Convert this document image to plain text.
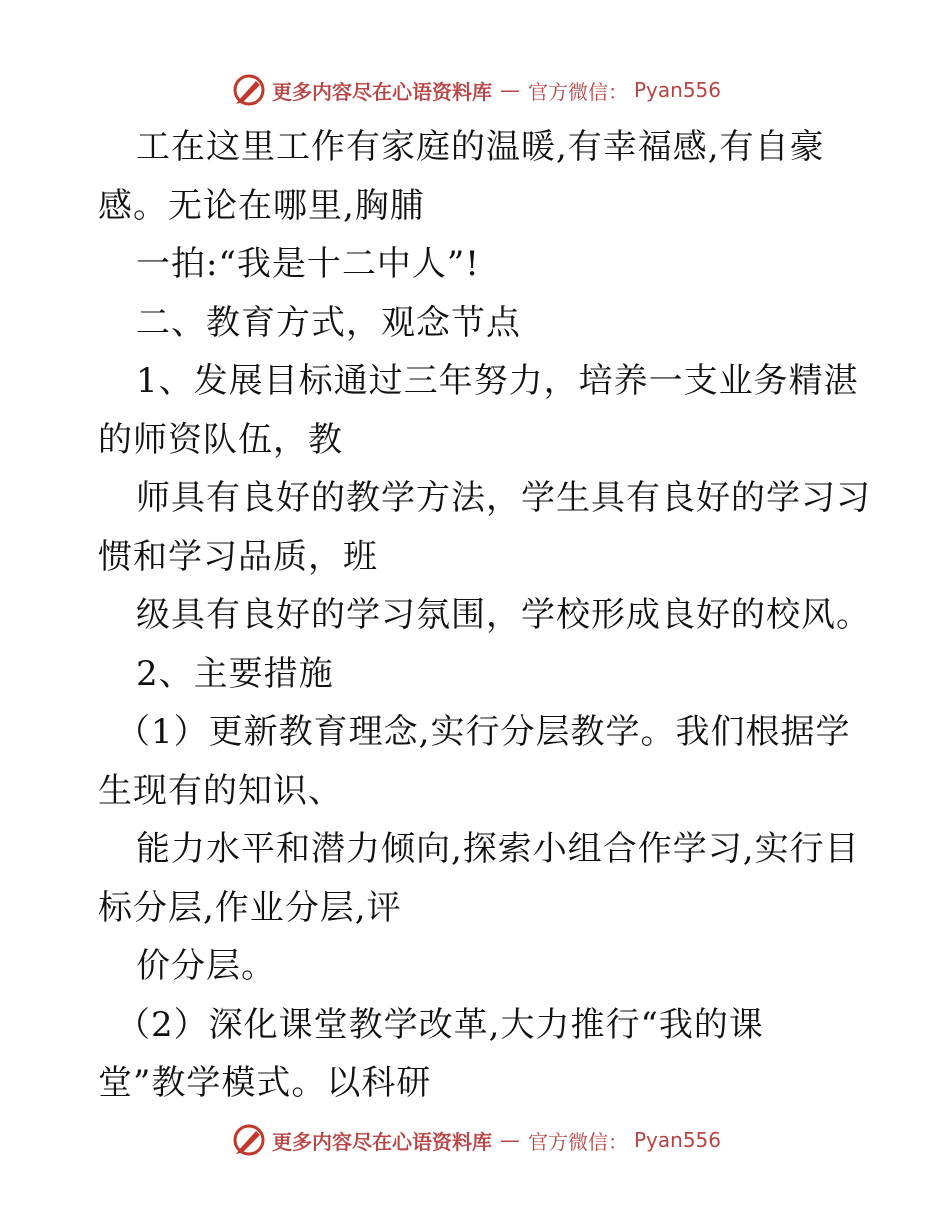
更多内容尽在心语资料库 — 官方微信： Pyan556
工在这里工作有家庭的温暖,有幸福感,有自豪
感。无论在哪里,胸脯
一拍:“我是十二中人”!
二、教育方式，观念节点
1、发展目标通过三年努力，培养一支业务精湛
的师资队伍，教
师具有良好的教学方法，学生具有良好的学习习
惯和学习品质，班
级具有良好的学习氛围，学校形成良好的校风。
2、主要措施
（1）更新教育理念,实行分层教学。我们根据学
生现有的知识、
能力水平和潜力倾向,探索小组合作学习,实行目
标分层,作业分层,评
价分层。
（2）深化课堂教学改革,大力推行“我的课
堂”教学模式。以科研
更多内容尽在心语资料库 — 官方微信： Pyan556
